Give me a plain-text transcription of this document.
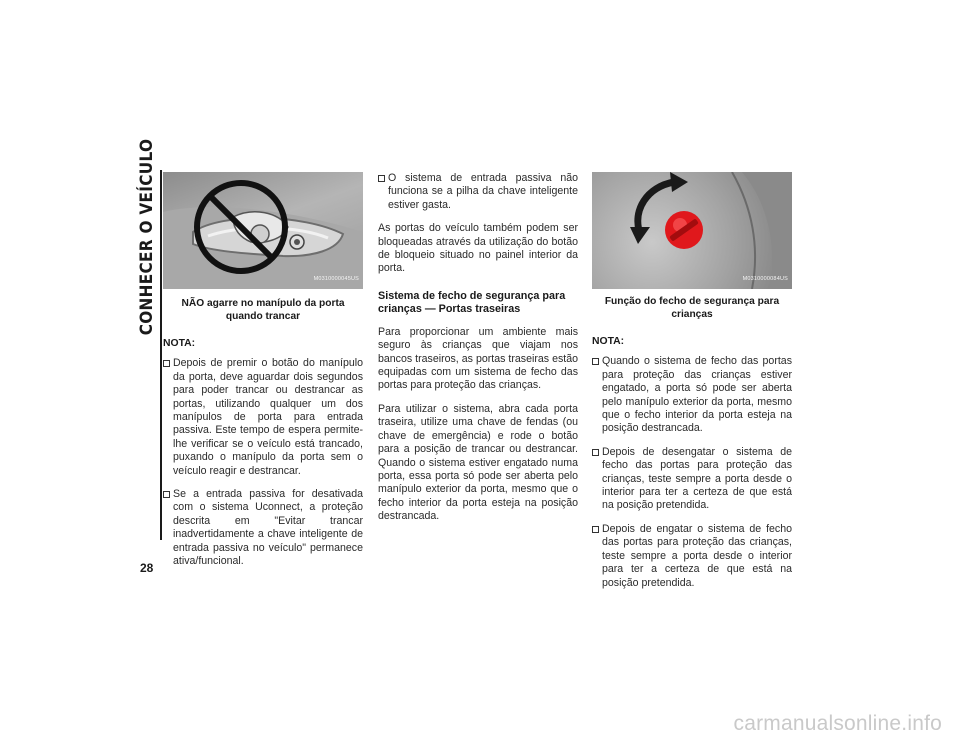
CONHECER O VEÍCULO
28
M0310000045US
NÃO agarre no manípulo da porta
quando trancar
NOTA:
Depois de premir o botão do manípulo da porta, deve aguardar dois segundos para poder trancar ou destrancar as portas, utilizando qualquer um dos manípulos de porta para entrada passiva. Este tempo de espera permite-lhe verificar se o veículo está trancado, puxando o manípulo da porta sem o veículo reagir e destrancar.
Se a entrada passiva for desativada com o sistema Uconnect, a proteção descrita em "Evitar trancar inadvertidamente a chave inteligente de entrada passiva no veículo" permanece ativa/funcional.
O sistema de entrada passiva não funciona se a pilha da chave inteligente estiver gasta.

As portas do veículo também podem ser bloqueadas através da utilização do botão de bloqueio situado no painel interior da porta.

Sistema de fecho de segurança para crianças — Portas traseiras

Para proporcionar um ambiente mais seguro às crianças que viajam nos bancos traseiros, as portas traseiras estão equipadas com um sistema de fecho das portas para proteção das crianças.

Para utilizar o sistema, abra cada porta traseira, utilize uma chave de fendas (ou chave de emergência) e rode o botão para a posição de trancar ou destrancar. Quando o sistema estiver engatado numa porta, essa porta só pode ser aberta pelo manípulo exterior da porta, mesmo que o fecho interior da porta esteja na posição destrancada.

M0310000084US
Função do fecho de segurança para crianças
NOTA:
Quando o sistema de fecho das portas para proteção das crianças estiver engatado, a porta só pode ser aberta pelo manípulo exterior da porta, mesmo que o fecho interior da porta esteja na posição destrancada.
Depois de desengatar o sistema de fecho das portas para proteção das crianças, teste sempre a porta desde o interior para ter a certeza de que está na posição pretendida.
Depois de engatar o sistema de fecho das portas para proteção das crianças, teste sempre a porta desde o interior para ter a certeza de que está na posição pretendida.
carmanualsonline.info
